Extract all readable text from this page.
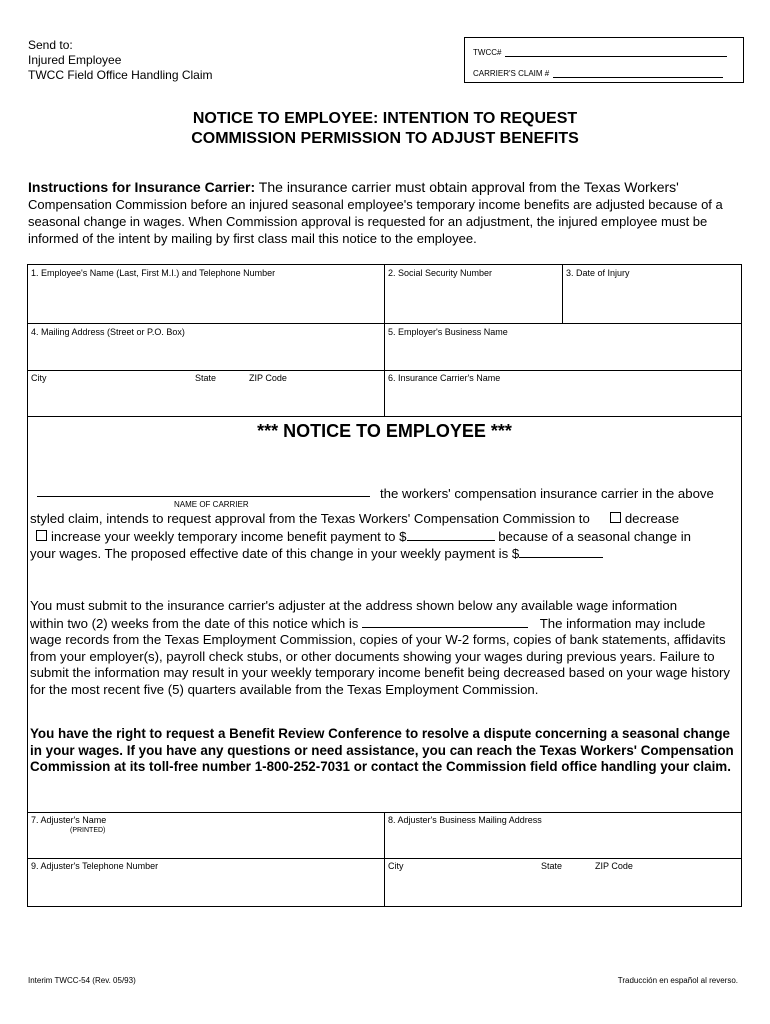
Send to:
Injured Employee
TWCC Field Office Handling Claim
TWCC#
CARRIER'S CLAIM #
NOTICE TO EMPLOYEE: INTENTION TO REQUEST
COMMISSION PERMISSION TO ADJUST BENEFITS
Instructions for Insurance Carrier: The insurance carrier must obtain approval from the Texas Workers' Compensation Commission before an injured seasonal employee's temporary income benefits are adjusted because of a seasonal change in wages. When Commission approval is requested for an adjustment, the injured employee must be informed of the intent by mailing by first class mail this notice to the employee.
1. Employee's Name (Last, First M.I.) and Telephone Number	2. Social Security Number	3. Date of Injury
4. Mailing Address (Street or P.O. Box)	5. Employer's Business Name
City	State	ZIP Code	6. Insurance Carrier's Name
*** NOTICE TO EMPLOYEE ***
NAME OF CARRIER
the workers' compensation insurance carrier in the above
styled claim, intends to request approval from the Texas Workers' Compensation Commission to	decrease
increase your weekly temporary income benefit payment to $	because of a seasonal change in
your wages. The proposed effective date of this change in your weekly payment is $
You must submit to the insurance carrier's adjuster at the address shown below any available wage information
within two (2) weeks from the date of this notice which is	The information may include wage records from the Texas Employment Commission, copies of your W-2 forms, copies of bank statements, affidavits from your employer(s), payroll check stubs, or other documents showing your wages during previous years. Failure to submit the information may result in your weekly temporary income benefit being decreased based on your wage history for the most recent five (5) quarters available from the Texas Employment Commission.
You have the right to request a Benefit Review Conference to resolve a dispute concerning a seasonal change in your wages. If you have any questions or need assistance, you can reach the Texas Workers' Compensation Commission at its toll-free number 1-800-252-7031 or contact the Commission field office handling your claim.
7. Adjuster's Name
(PRINTED)
8. Adjuster's Business Mailing Address
9. Adjuster's Telephone Number	City	State	ZIP Code
Interim TWCC-54 (Rev. 05/93)	Traducción en español al reverso.
